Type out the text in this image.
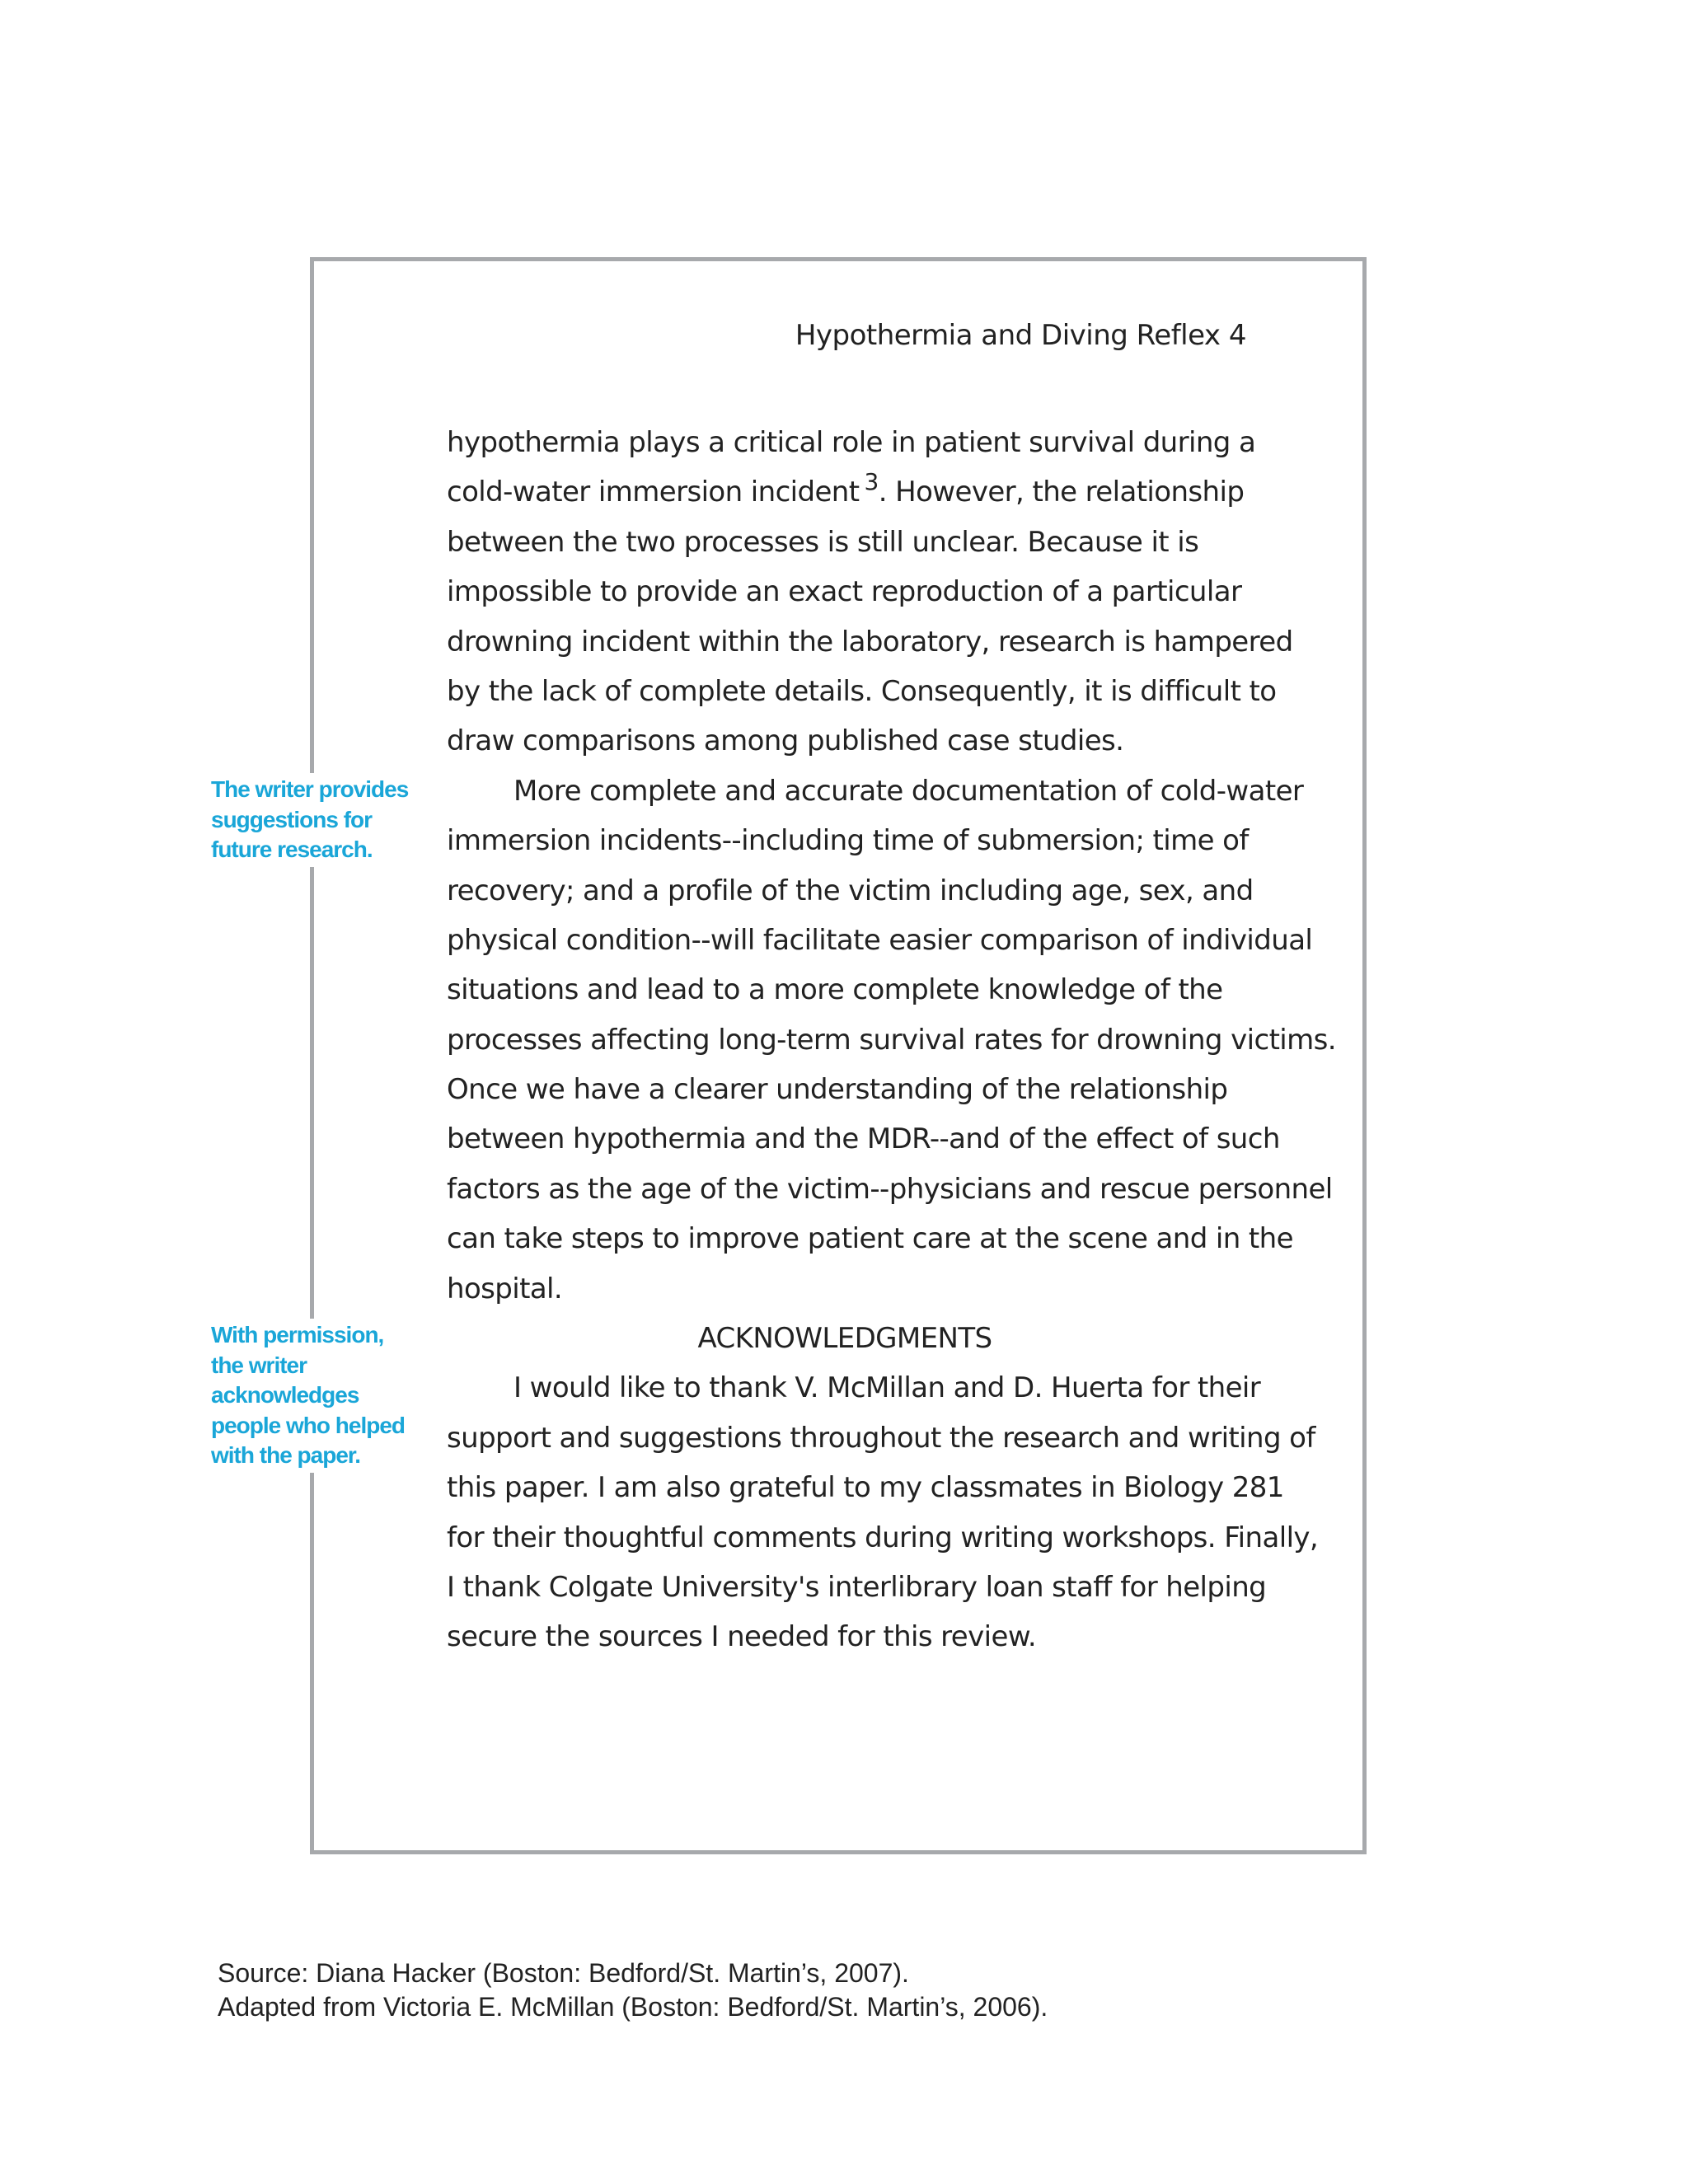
Hypothermia and Diving Reflex 4
hypothermia plays a critical role in patient survival during a
cold-water immersion incident $^3$. However, the relationship
between the two processes is still unclear. Because it is
impossible to provide an exact reproduction of a particular
drowning incident within the laboratory, research is hampered
by the lack of complete details. Consequently, it is difficult to
draw comparisons among published case studies.
More complete and accurate documentation of cold-water
immersion incidents--including time of submersion; time of
recovery; and a profile of the victim including age, sex, and
physical condition--will facilitate easier comparison of individual
situations and lead to a more complete knowledge of the
processes affecting long-term survival rates for drowning victims.
Once we have a clearer understanding of the relationship
between hypothermia and the MDR--and of the effect of such
factors as the age of the victim--physicians and rescue personnel
can take steps to improve patient care at the scene and in the
hospital.
ACKNOWLEDGMENTS
I would like to thank V. McMillan and D. Huerta for their
support and suggestions throughout the research and writing of
this paper. I am also grateful to my classmates in Biology 281
for their thoughtful comments during writing workshops. Finally,
I thank Colgate University's interlibrary loan staff for helping
secure the sources I needed for this review.
The writer provides
suggestions for
future research.
With permission,
the writer
acknowledges
people who helped
with the paper.
Source: Diana Hacker (Boston: Bedford/St. Martin’s, 2007).
Adapted from Victoria E. McMillan (Boston: Bedford/St. Martin’s, 2006).
